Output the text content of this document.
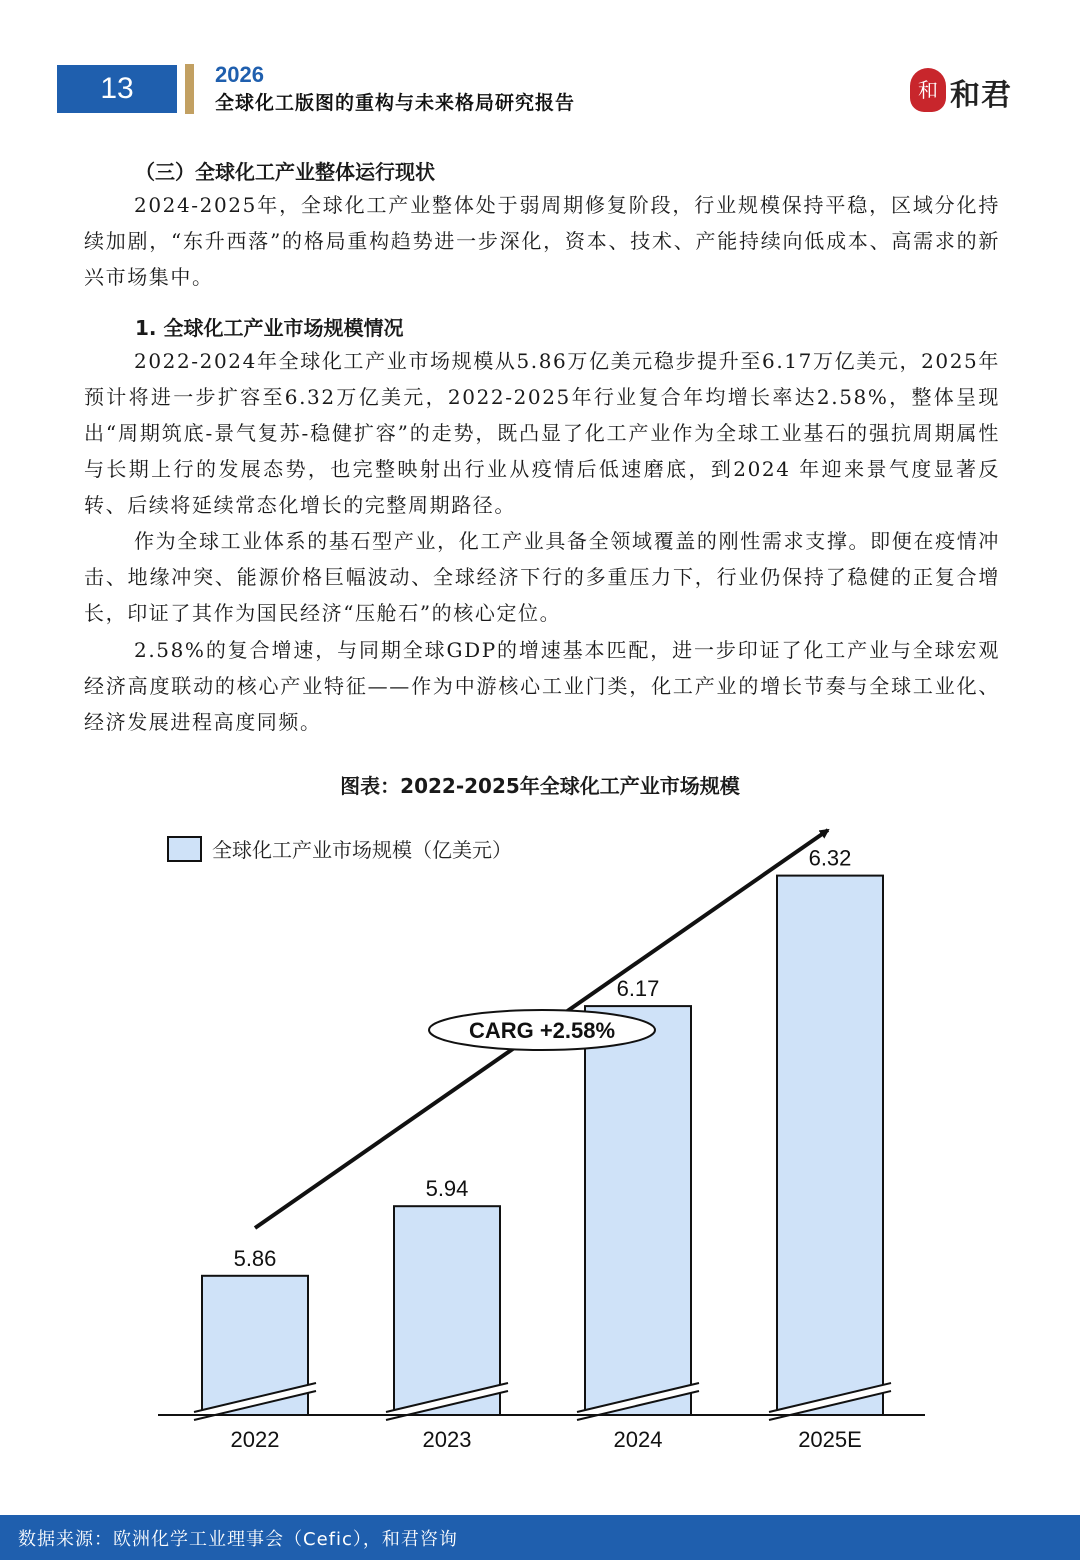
13	2026
全球化工版图的重构与未来格局研究报告
和 和君
（三）全球化工产业整体运行现状

2024-2025年，全球化工产业整体处于弱周期修复阶段，行业规模保持平稳，区域分化持续加剧，“东升西落”的格局重构趋势进一步深化，资本、技术、产能持续向低成本、高需求的新兴市场集中。

1. 全球化工产业市场规模情况

2022-2024年全球化工产业市场规模从5.86万亿美元稳步提升至6.17万亿美元，2025年预计将进一步扩容至6.32万亿美元，2022-2025年行业复合年均增长率达2.58%，整体呈现出“周期筑底-景气复苏-稳健扩容”的走势，既凸显了化工产业作为全球工业基石的强抗周期属性与长期上行的发展态势，也完整映射出行业从疫情后低速磨底，到2024 年迎来景气度显著反转、后续将延续常态化增长的完整周期路径。

作为全球工业体系的基石型产业，化工产业具备全领域覆盖的刚性需求支撑。即便在疫情冲击、地缘冲突、能源价格巨幅波动、全球经济下行的多重压力下，行业仍保持了稳健的正复合增长，印证了其作为国民经济“压舱石”的核心定位。

2.58%的复合增速，与同期全球GDP的增速基本匹配，进一步印证了化工产业与全球宏观经济高度联动的核心产业特征——作为中游核心工业门类，化工产业的增长节奏与全球工业化、经济发展进程高度同频。

图表：2022-2025年全球化工产业市场规模
全球化工产业市场规模（亿美元）
5.86
2022
5.94
2023
6.17
2024
6.32
2025E
CARG +2.58%
数据来源：欧洲化学工业理事会（Cefic），和君咨询
